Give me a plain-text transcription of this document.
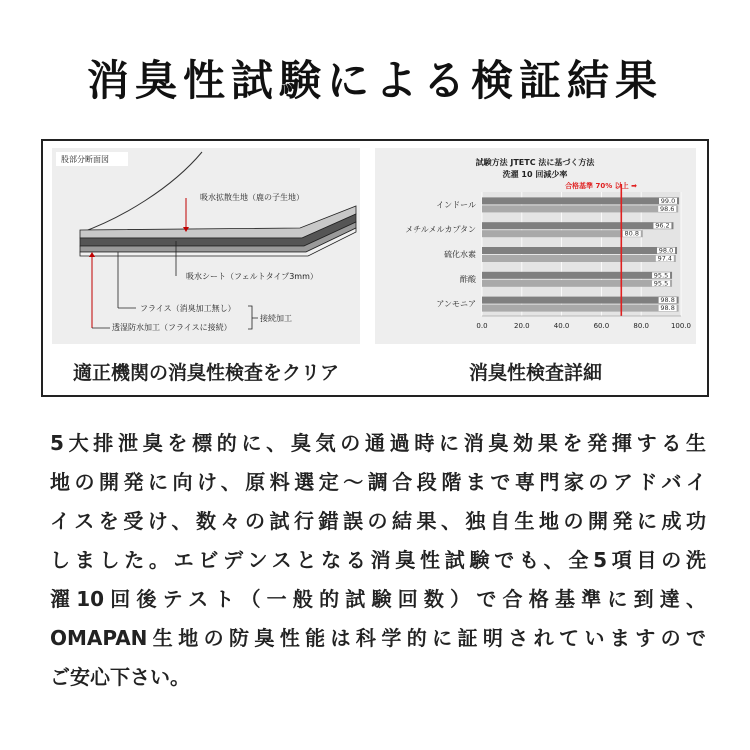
消臭性試験による検証結果
股部分断面図
吸水拡散生地（鹿の子生地）
吸水シート（フェルトタイプ3mm）
フライス（消臭加工無し）
透湿防水加工（フライスに接続）
接続加工
適正機関の消臭性検査をクリア
試験方法 JTETC 法に基づく方法
洗濯 10 回減少率
0.0	20.0	40.0	60.0	80.0	100.0
インドール	99.0
98.6
メチルメルカプタン	96.2
80.8
硫化水素	98.0
97.4
酢酸	95.5
95.5
アンモニア	98.8
98.8
合格基準 70% 以上 ➡
消臭性検査詳細
5大排泄臭を標的に、臭気の通過時に消臭効果を発揮する生
地の開発に向け、原料選定〜調合段階まで専門家のアドバイ
イスを受け、数々の試行錯誤の結果、独自生地の開発に成功
しました。エビデンスとなる消臭性試験でも、全5項目の洗
濯10回後テスト（一般的試験回数）で合格基準に到達、
OMAPAN生地の防臭性能は科学的に証明されていますので
ご安心下さい。
